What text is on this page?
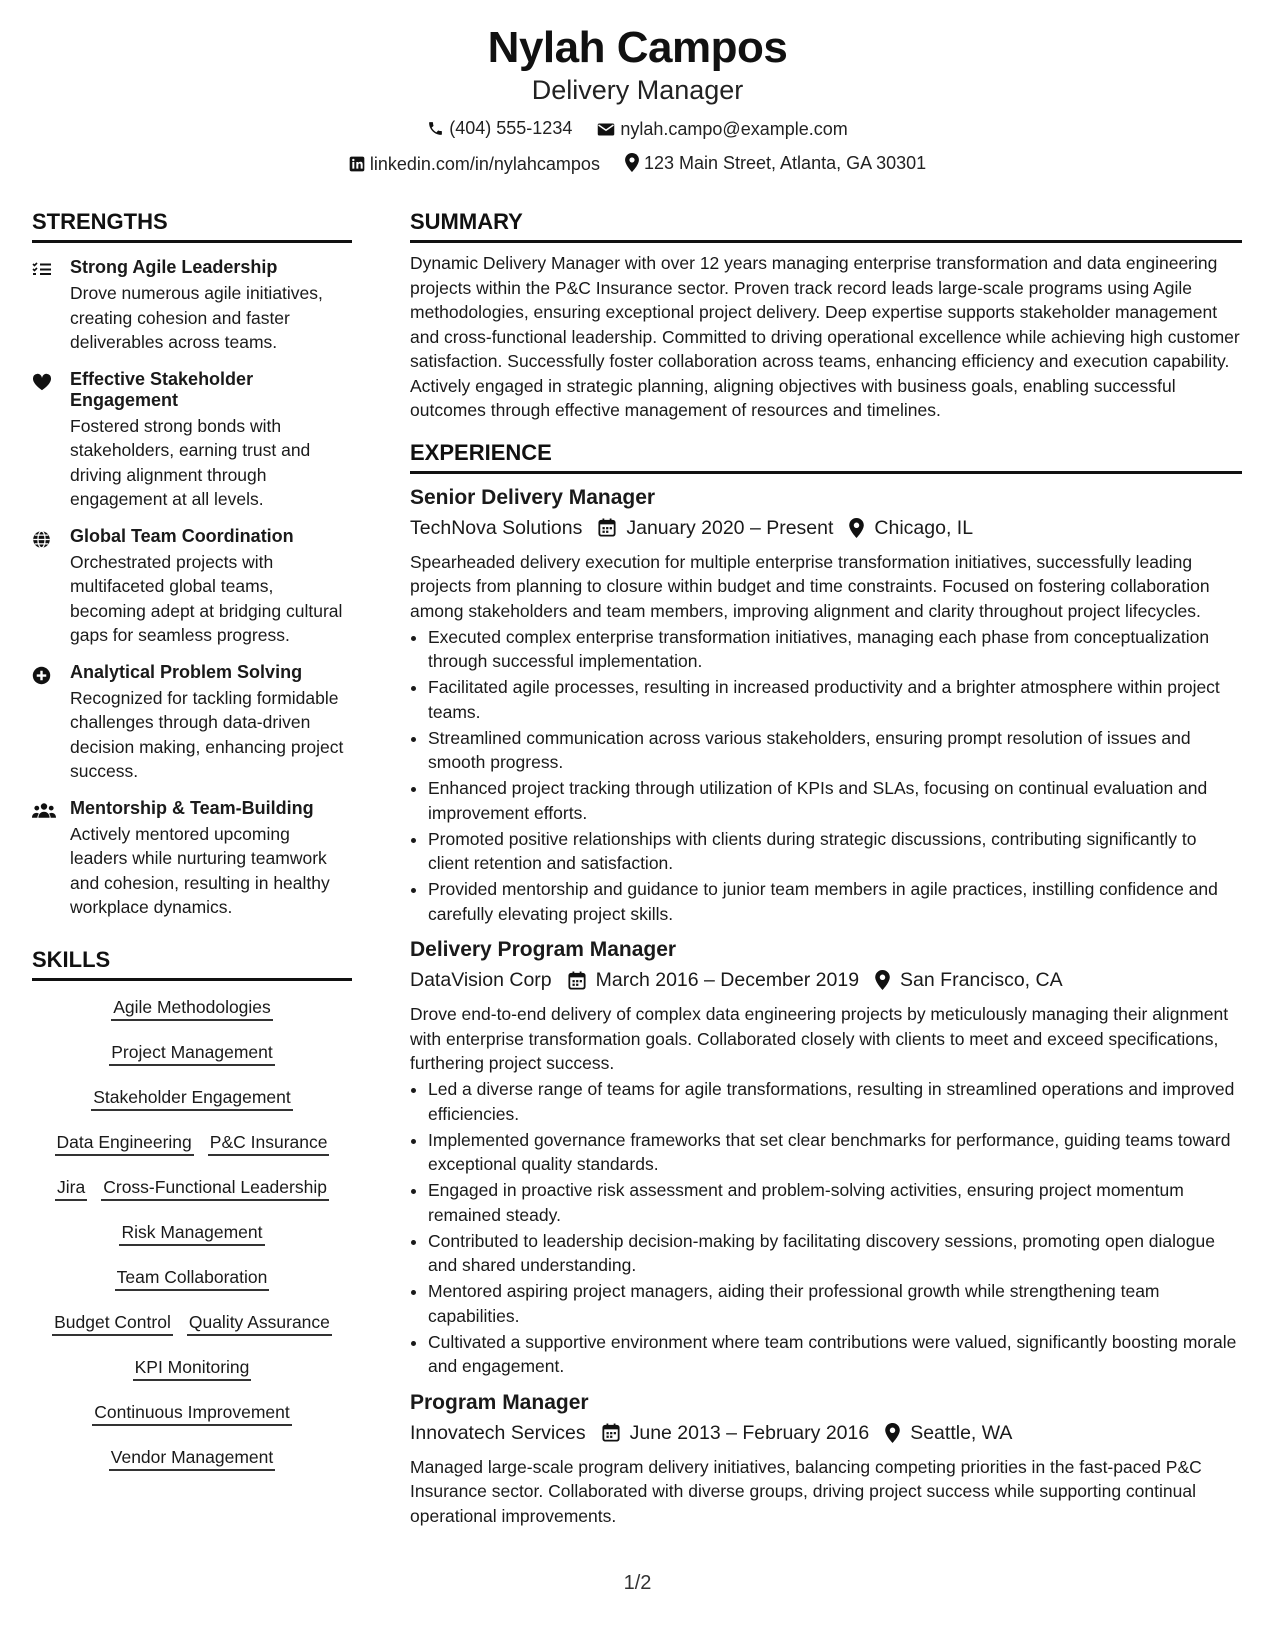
Nylah Campos
Delivery Manager
(404) 555-1234
	nylah.campo@example.com
linkedin.com/in/nylahcampos
123 Main Street, Atlanta, GA 30301
STRENGTHS
Strong Agile Leadership
Drove numerous agile initiatives, creating cohesion and faster deliverables across teams.
Effective Stakeholder Engagement
Fostered strong bonds with stakeholders, earning trust and driving alignment through engagement at all levels.
Global Team Coordination
Orchestrated projects with multifaceted global teams, becoming adept at bridging cultural gaps for seamless progress.
Analytical Problem Solving
Recognized for tackling formidable challenges through data-driven decision making, enhancing project success.
Mentorship & Team-Building
Actively mentored upcoming leaders while nurturing teamwork and cohesion, resulting in healthy workplace dynamics.
SKILLS
Agile Methodologies
Project Management
Stakeholder Engagement
Data Engineering P&C Insurance
Jira Cross-Functional Leadership
Risk Management
Team Collaboration
Budget Control Quality Assurance
KPI Monitoring
Continuous Improvement
Vendor Management
SUMMARY
Dynamic Delivery Manager with over 12 years managing enterprise transformation and data engineering projects within the P&C Insurance sector. Proven track record leads large-scale programs using Agile methodologies, ensuring exceptional project delivery. Deep expertise supports stakeholder management and cross-functional leadership. Committed to driving operational excellence while achieving high customer satisfaction. Successfully foster collaboration across teams, enhancing efficiency and execution capability. Actively engaged in strategic planning, aligning objectives with business goals, enabling successful outcomes through effective management of resources and timelines.
EXPERIENCE
Senior Delivery Manager
TechNova Solutions January 2020 – Present Chicago, IL
Spearheaded delivery execution for multiple enterprise transformation initiatives, successfully leading projects from planning to closure within budget and time constraints. Focused on fostering collaboration among stakeholders and team members, improving alignment and clarity throughout project lifecycles.
• Executed complex enterprise transformation initiatives, managing each phase from conceptualization through successful implementation.
• Facilitated agile processes, resulting in increased productivity and a brighter atmosphere within project teams.
• Streamlined communication across various stakeholders, ensuring prompt resolution of issues and smooth progress.
• Enhanced project tracking through utilization of KPIs and SLAs, focusing on continual evaluation and improvement efforts.
• Promoted positive relationships with clients during strategic discussions, contributing significantly to client retention and satisfaction.
• Provided mentorship and guidance to junior team members in agile practices, instilling confidence and carefully elevating project skills.
Delivery Program Manager
DataVision Corp March 2016 – December 2019 San Francisco, CA
Drove end-to-end delivery of complex data engineering projects by meticulously managing their alignment with enterprise transformation goals. Collaborated closely with clients to meet and exceed specifications, furthering project success.
• Led a diverse range of teams for agile transformations, resulting in streamlined operations and improved efficiencies.
• Implemented governance frameworks that set clear benchmarks for performance, guiding teams toward exceptional quality standards.
• Engaged in proactive risk assessment and problem-solving activities, ensuring project momentum remained steady.
• Contributed to leadership decision-making by facilitating discovery sessions, promoting open dialogue and shared understanding.
• Mentored aspiring project managers, aiding their professional growth while strengthening team capabilities.
• Cultivated a supportive environment where team contributions were valued, significantly boosting morale and engagement.
Program Manager
Innovatech Services June 2013 – February 2016 Seattle, WA
Managed large-scale program delivery initiatives, balancing competing priorities in the fast-paced P&C Insurance sector. Collaborated with diverse groups, driving project success while supporting continual operational improvements.
1/2
